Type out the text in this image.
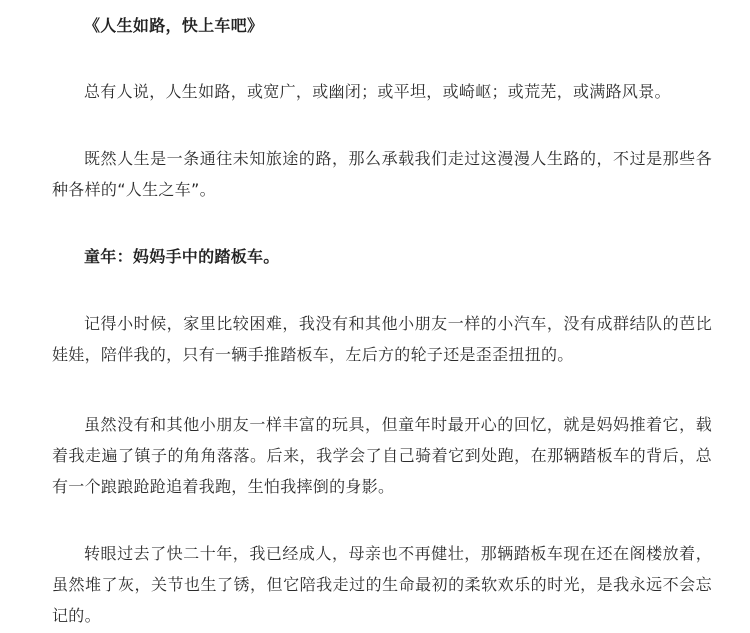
《人生如路，快上车吧》

总有人说，人生如路，或宽广，或幽闭；或平坦，或崎岖；或荒芜，或满路风景。

既然人生是一条通往未知旅途的路，那么承载我们走过这漫漫人生路的，不过是那些各种各样的“人生之车”。

童年：妈妈手中的踏板车。

记得小时候，家里比较困难，我没有和其他小朋友一样的小汽车，没有成群结队的芭比娃娃，陪伴我的，只有一辆手推踏板车，左后方的轮子还是歪歪扭扭的。

虽然没有和其他小朋友一样丰富的玩具，但童年时最开心的回忆，就是妈妈推着它，载着我走遍了镇子的角角落落。后来，我学会了自己骑着它到处跑，在那辆踏板车的背后，总有一个踉踉跄跄追着我跑，生怕我摔倒的身影。

转眼过去了快二十年，我已经成人，母亲也不再健壮，那辆踏板车现在还在阁楼放着，虽然堆了灰，关节也生了锈，但它陪我走过的生命最初的柔软欢乐的时光，是我永远不会忘记的。
